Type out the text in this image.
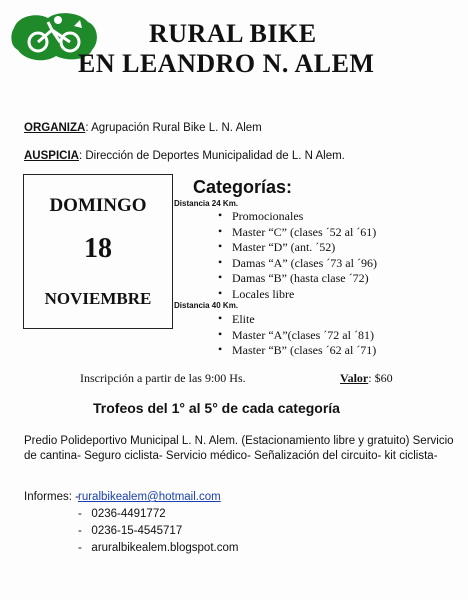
RURAL BIKE
EN LEANDRO N. ALEM
ORGANIZA: Agrupación Rural Bike L. N. Alem
AUSPICIA: Dirección de Deportes Municipalidad de L. N Alem.
DOMINGO
18
NOVIEMBRE
Categorías:
Distancia 24 Km.
• Promocionales
• Master “C” (clases ´52 al ´61)
• Master “D” (ant. ´52)
• Damas “A” (clases ´73 al ´96)
• Damas “B” (hasta clase ´72)
• Locales libre
Distancia 40 Km.
• Elite
• Master “A”(clases ´72 al ´81)
• Master “B” (clases ´62 al ´71)
Inscripción a partir de las 9:00 Hs.	Valor: $60
Trofeos del 1° al 5° de cada categoría
Predio Polideportivo Municipal L. N. Alem. (Estacionamiento libre y gratuito) Servicio de cantina- Seguro ciclista- Servicio médico- Señalización del circuito- kit ciclista-
Informes: - ruralbikealem@hotmail.com
-   0236-4491772
-   0236-15-4545717
-   aruralbikealem.blogspot.com
